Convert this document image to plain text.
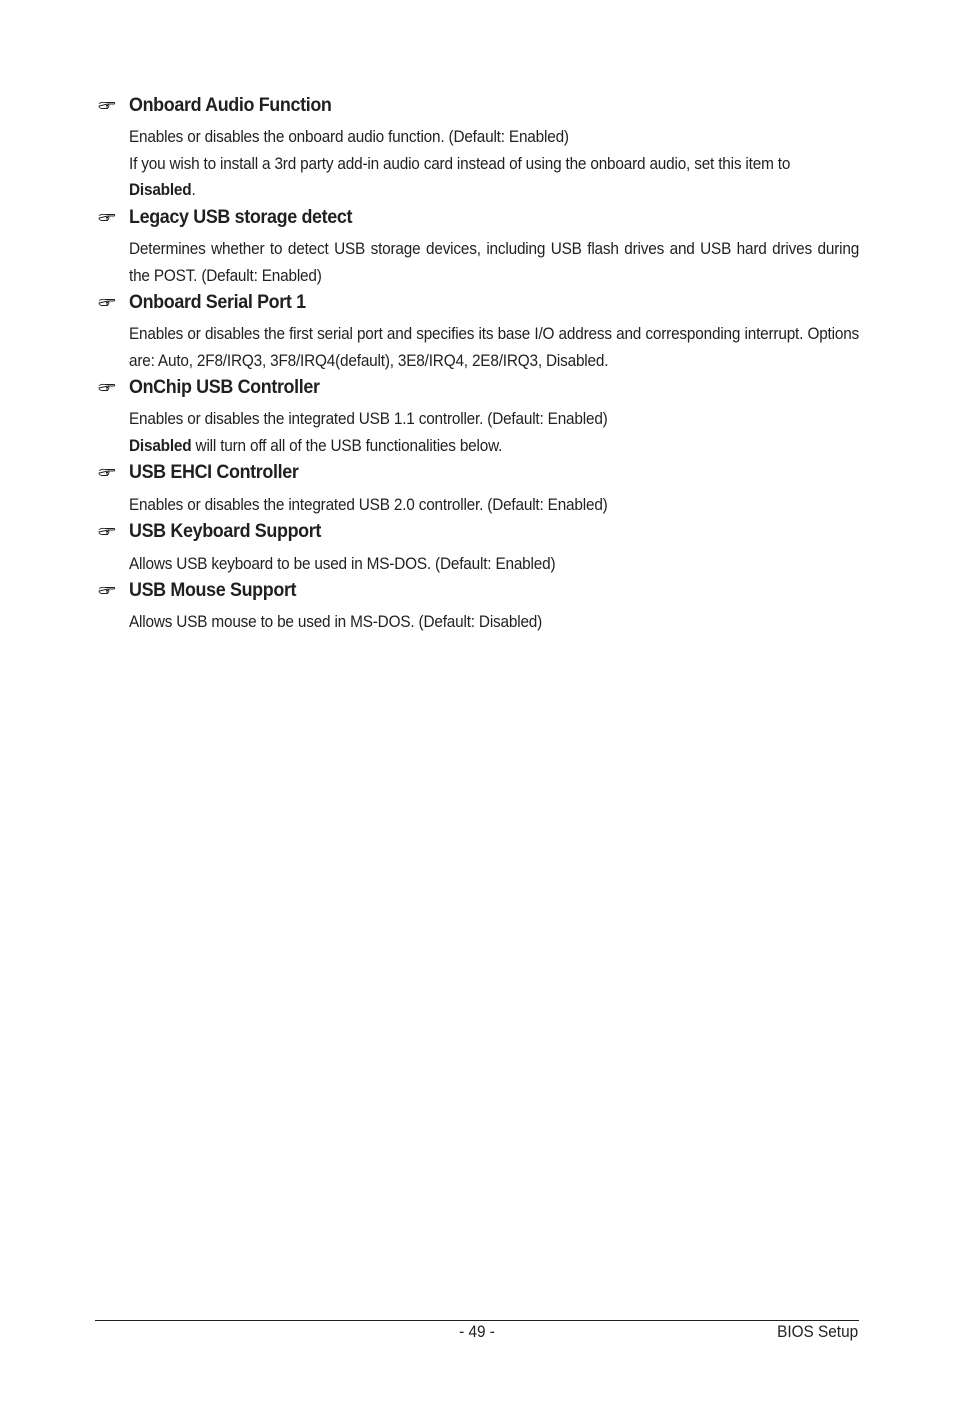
Onboard Audio Function

Enables or disables the onboard audio function. (Default: Enabled)

If you wish to install a 3rd party add-in audio card instead of using the onboard audio, set this item to

Disabled.

Legacy USB storage detect

Determines whether to detect USB storage devices, including USB flash drives and USB hard drives during the POST. (Default: Enabled)

Onboard Serial Port 1

Enables or disables the first serial port and specifies its base I/O address and corresponding interrupt. Options are: Auto, 2F8/IRQ3, 3F8/IRQ4(default), 3E8/IRQ4, 2E8/IRQ3, Disabled.

OnChip USB Controller

Enables or disables the integrated USB 1.1 controller. (Default: Enabled)

Disabled will turn off all of the USB functionalities below.

USB EHCI Controller

Enables or disables the integrated USB 2.0 controller. (Default: Enabled)

USB Keyboard Support

Allows USB keyboard to be used in MS-DOS. (Default: Enabled)

USB Mouse Support

Allows USB mouse to be used in MS-DOS. (Default: Disabled)

- 49 -	BIOS Setup
